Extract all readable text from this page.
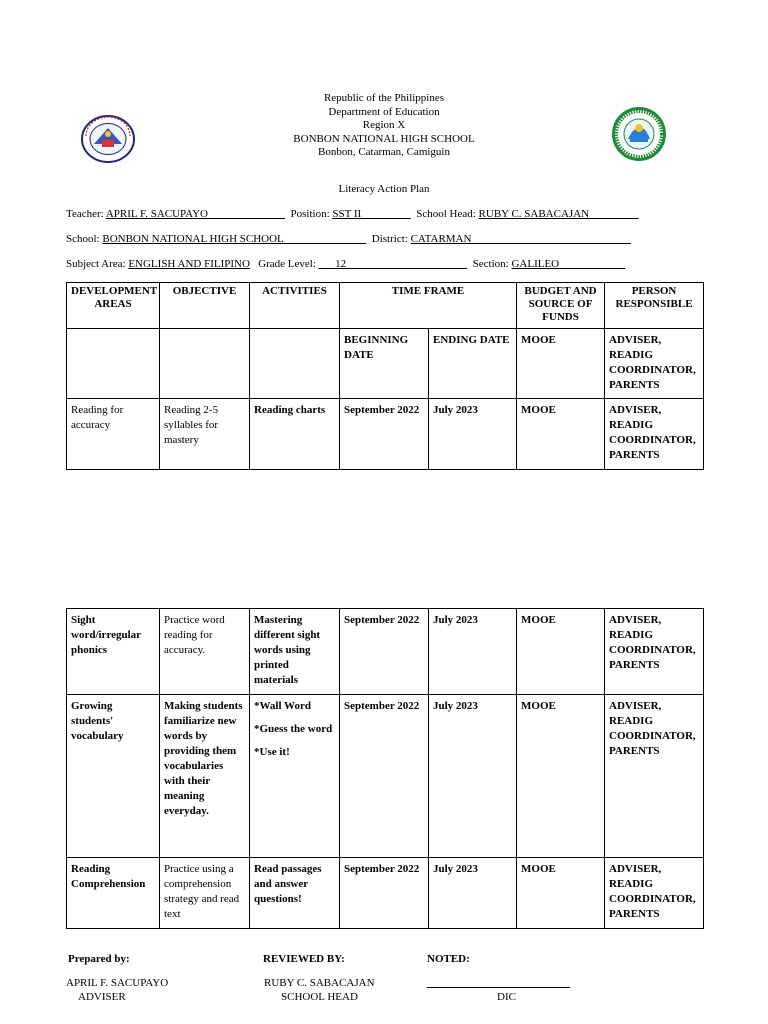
Republic of the Philippines
Department of Education
Region X
BONBON NATIONAL HIGH SCHOOL
Bonbon, Catarman, Camiguin
Literacy Action Plan
Teacher: APRIL F. SACUPAYO______________ Position: SST II_________ School Head: RUBY C. SABACAJAN_________
School: BONBON NATIONAL HIGH SCHOOL_______________ District: CATARMAN_____________________________
Subject Area: ENGLISH AND FILIPINO Grade Level: ___12______________________ Section: GALILEO____________
DEVELOPMENT AREAS	OBJECTIVE	ACTIVITIES	TIME FRAME		BUDGET AND SOURCE OF FUNDS	PERSON RESPONSIBLE
			BEGINNING DATE	ENDING DATE	MOOE	ADVISER, READIG COORDINATOR, PARENTS
Reading for accuracy	Reading 2-5 syllables for mastery	Reading charts	September 2022	July 2023	MOOE	ADVISER, READIG COORDINATOR, PARENTS
Sight word/irregular phonics	Practice word reading for accuracy.	Mastering different sight words using printed materials	September 2022	July 2023	MOOE	ADVISER, READIG COORDINATOR, PARENTS
Growing students' vocabulary	Making students familiarize new words by providing them vocabularies with their meaning everyday.	*Wall Word
*Guess the word
*Use it!	September 2022	July 2023	MOOE	ADVISER, READIG COORDINATOR, PARENTS
Reading Comprehension	Practice using a comprehension strategy and read text	Read passages and answer questions!	September 2022	July 2023	MOOE	ADVISER, READIG COORDINATOR, PARENTS
Prepared by:	REVIEWED BY:	NOTED:
APRIL F. SACUPAYO
ADVISER
RUBY C. SABACAJAN
SCHOOL HEAD	DIC
